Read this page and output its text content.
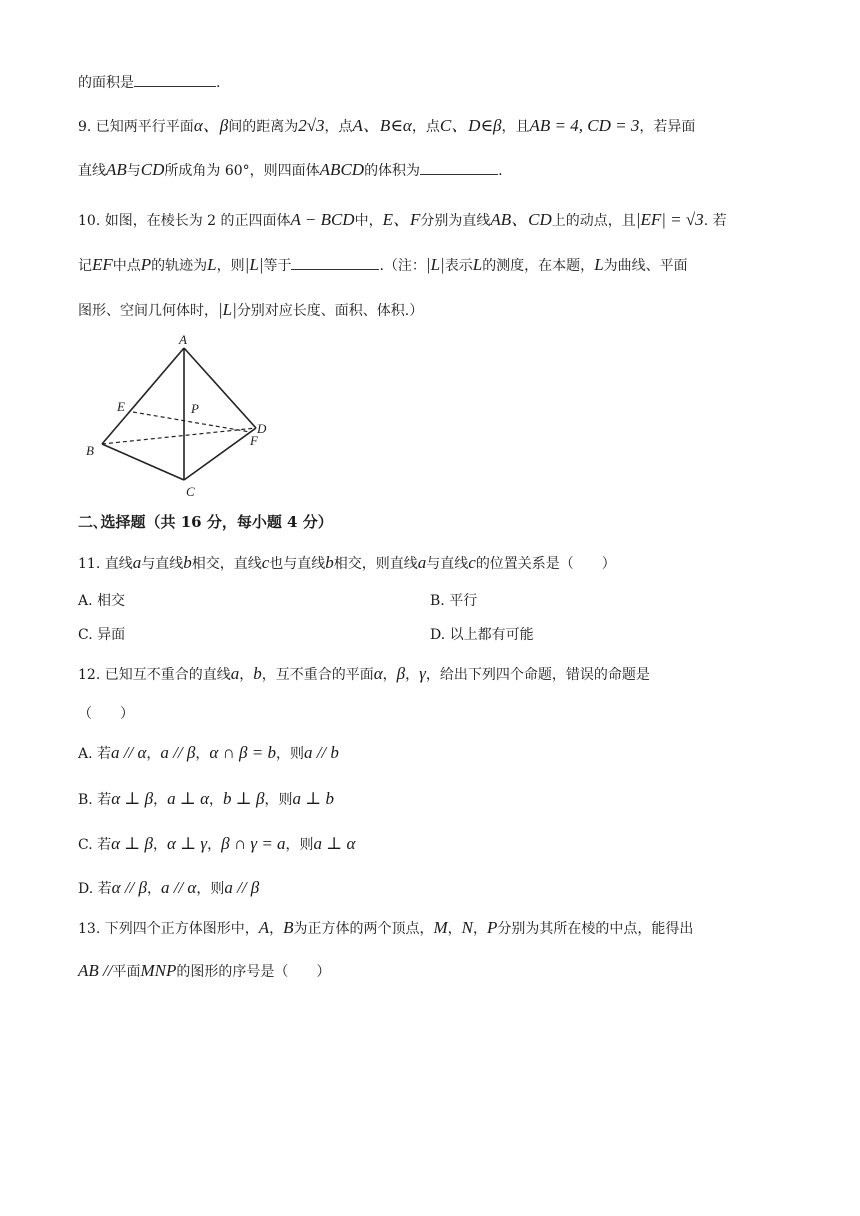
的面积是	.
9. 已知两平行平面α、β间的距离为2√3，点A、B∈α，点C、D∈β，且AB = 4, CD = 3，若异面
直线AB与CD所成角为 60°，则四面体ABCD的体积为	.
10. 如图，在棱长为 2 的正四面体A − BCD中，E、F分别为直线AB、CD上的动点，且|EF| = √3. 若
记EF中点P的轨迹为L，则|L|等于	.（注：|L|表示L的测度，在本题，L为曲线、平面
图形、空间几何体时，|L|分别对应长度、面积、体积.）
A
B
C
D
E
F
P
二､选择题（共 16 分，每小题 4 分）
11. 直线a与直线b相交，直线c也与直线b相交，则直线a与直线c的位置关系是（　　）
A. 相交	B. 平行
C. 异面	D. 以上都有可能
12. 已知互不重合的直线a，b，互不重合的平面α，β，γ，给出下列四个命题，错误的命题是
（　　）
A. 若a // α，a // β，α ∩ β = b，则a // b
B. 若α ⊥ β，a ⊥ α，b ⊥ β，则a ⊥ b
C. 若α ⊥ β，α ⊥ γ，β ∩ γ = a，则a ⊥ α
D. 若α // β，a // α，则a // β
13. 下列四个正方体图形中，A，B为正方体的两个顶点，M，N，P分别为其所在棱的中点，能得出
AB //平面MNP的图形的序号是（　　）
